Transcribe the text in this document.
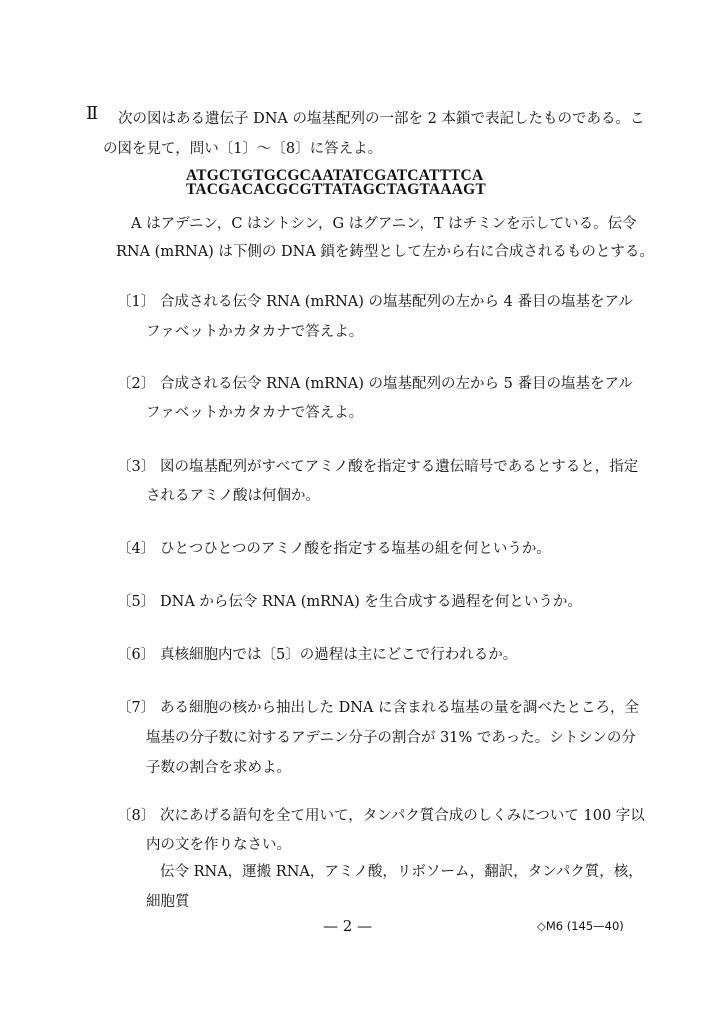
Ⅱ 次の図はある遺伝子 DNA の塩基配列の一部を 2 本鎖で表記したものである。こ
の図を見て，問い〔1〕～〔8〕に答えよ。
ATGCTGTGCGCAATATCGATCATTTCA
TACGACACGCGTTATAGCTAGTAAAGT
A はアデニン，C はシトシン，G はグアニン，T はチミンを示している。伝令
RNA (mRNA) は下側の DNA 鎖を鋳型として左から右に合成されるものとする。
〔1〕 合成される伝令 RNA (mRNA) の塩基配列の左から 4 番目の塩基をアル
ファベットかカタカナで答えよ。
〔2〕 合成される伝令 RNA (mRNA) の塩基配列の左から 5 番目の塩基をアル
ファベットかカタカナで答えよ。
〔3〕 図の塩基配列がすべてアミノ酸を指定する遺伝暗号であるとすると，指定
されるアミノ酸は何個か。
〔4〕 ひとつひとつのアミノ酸を指定する塩基の組を何というか。
〔5〕 DNA から伝令 RNA (mRNA) を生合成する過程を何というか。
〔6〕 真核細胞内では〔5〕の過程は主にどこで行われるか。
〔7〕 ある細胞の核から抽出した DNA に含まれる塩基の量を調べたところ，全
塩基の分子数に対するアデニン分子の割合が 31% であった。シトシンの分
子数の割合を求めよ。
〔8〕 次にあげる語句を全て用いて，タンパク質合成のしくみについて 100 字以
内の文を作りなさい。
伝令 RNA，運搬 RNA，アミノ酸，リボソーム，翻訳，タンパク質，核，
細胞質
— 2 —	◇M6 (145—40)
